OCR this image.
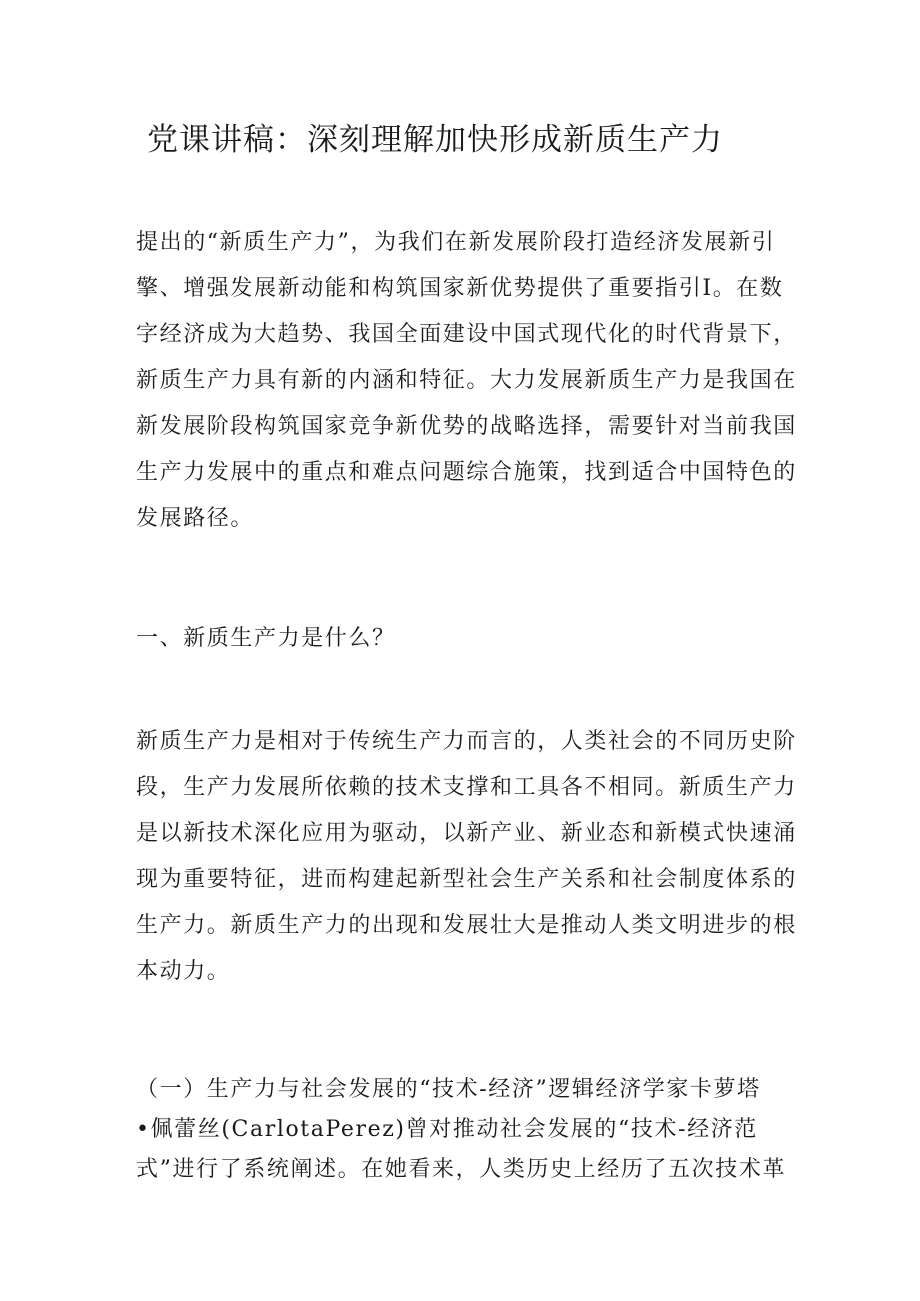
党课讲稿：深刻理解加快形成新质生产力
提出的“新质生产力”，为我们在新发展阶段打造经济发展新引
擎、增强发展新动能和构筑国家新优势提供了重要指引I。在数
字经济成为大趋势、我国全面建设中国式现代化的时代背景下，
新质生产力具有新的内涵和特征。大力发展新质生产力是我国在
新发展阶段构筑国家竞争新优势的战略选择，需要针对当前我国
生产力发展中的重点和难点问题综合施策，找到适合中国特色的
发展路径。
一、新质生产力是什么？
新质生产力是相对于传统生产力而言的，人类社会的不同历史阶
段，生产力发展所依赖的技术支撑和工具各不相同。新质生产力
是以新技术深化应用为驱动，以新产业、新业态和新模式快速涌
现为重要特征，进而构建起新型社会生产关系和社会制度体系的
生产力。新质生产力的出现和发展壮大是推动人类文明进步的根
本动力。
（一）生产力与社会发展的“技术-经济”逻辑经济学家卡萝塔
•佩蕾丝(CarlotaPerez)曾对推动社会发展的“技术-经济范
式”进行了系统阐述。在她看来，人类历史上经历了五次技术革
